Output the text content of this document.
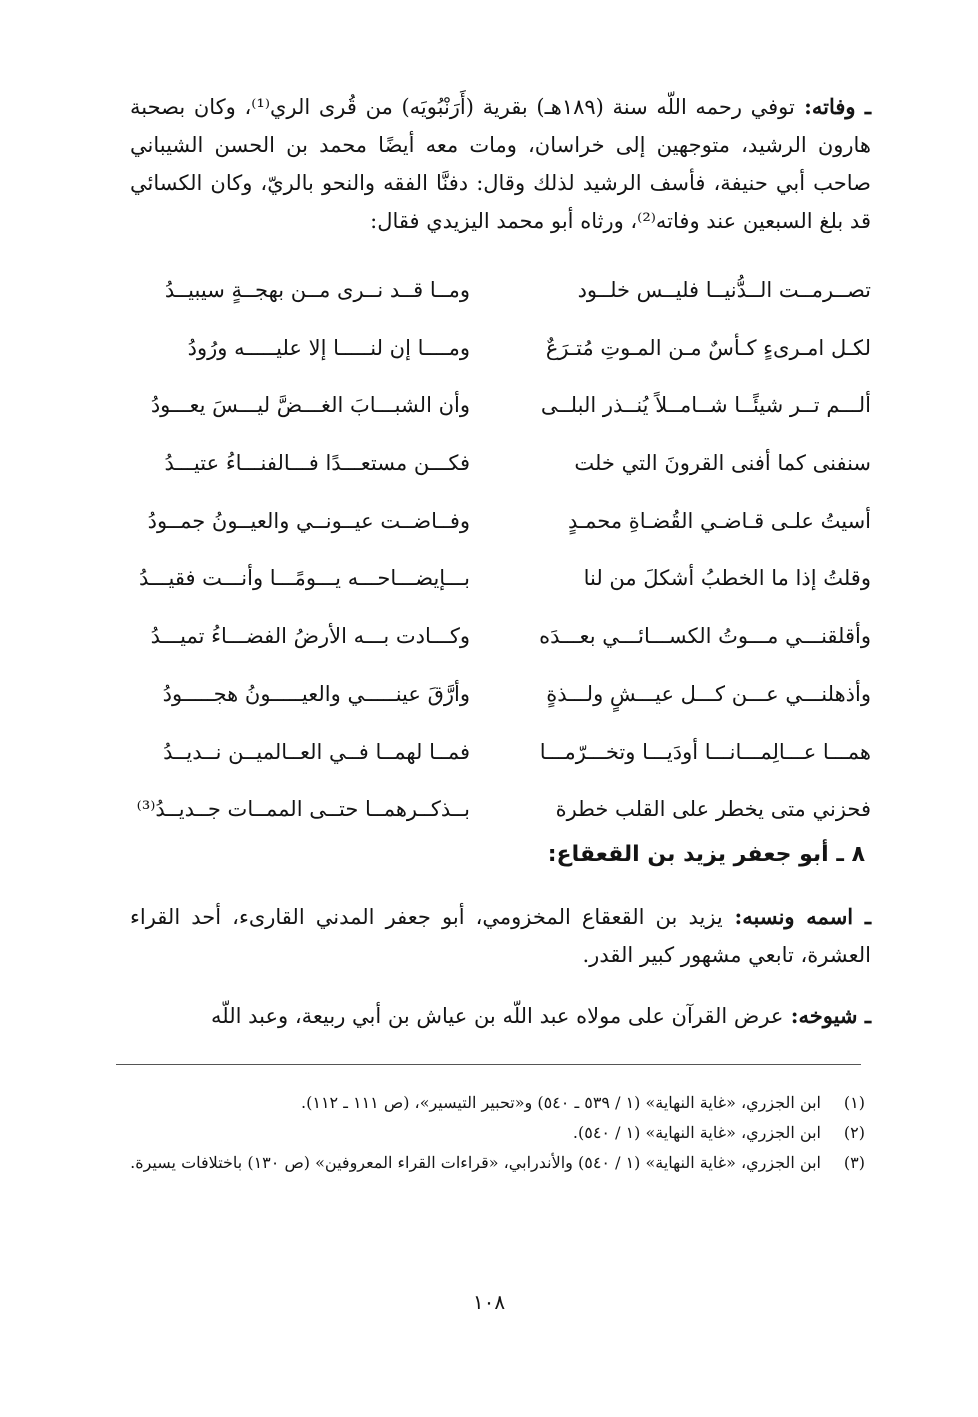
ـ وفاته: توفي رحمه اللّه سنة (١٨٩هـ) بقرية (أَرَنْبُويَه) من قُرى الري⁽¹⁾، وكان بصحبة هارون الرشيد، متوجهين إلى خراسان، ومات معه أيضًا محمد بن الحسن الشيباني صاحب أبي حنيفة، فأسف الرشيد لذلك وقال: دفنَّا الفقه والنحو بالريّ، وكان الكسائي قد بلغ السبعين عند وفاته⁽²⁾، ورثاه أبو محمد اليزيدي فقال:

تصــرمــت الــدُّنيــا فليــس خلــود
ومــا قــد نــرى مــن بهجــةٍ سيبيــدُ
لكـل امـرىءٍ كـأسٌ مـن المـوتِ مُتـرَعٌ
ومــــا إن لنـــــا إلا عليـــــه ورُودُ
ألـــم تــر شيئًــا شــامــلاً يُنــذر البلــى
وأن الشبـــابَ الغـــضَّ ليـــسَ يعـــودُ
سنفنى كما أفنى القرونَ التي خلت
فكـــن مستعـــدًا فـــالفنـــاءُ عتيـــدُ
أسيتُ علـى قـاضـي القُضـاةِ محمـدٍ
وفــاضــت عيــونــي والعيــونُ جمــودُ
وقلتُ إذا ما الخطبُ أشكلَ من لنا
بـــإيضـــاحـــه يـــومًـــا وأنـــت فقيـــدُ
وأقلقنـــي مـــوتُ الكســـائـــي بعـــدَه
وكـــادت بـــه الأرضُ الفضـــاءُ تميـــدُ
وأذهلنـــي عـــن كـــل عيـــشٍ ولـــذةٍ
وأرَّقَ عينـــــي والعيـــــونُ هجـــــودُ
همـــا عـــالِمـــانـــا أودَيـــا وتخـــرّمـــا
فمــا لهمــا فــي العــالميــن نــديــدُ
فحزني متى يخطر على القلب خطرة
بــذكــرهمــا حتــى الممــات جــديــدُ⁽³⁾
٨ ـ أبو جعفر يزيد بن القعقاع:

ـ اسمه ونسبه: يزيد بن القعقاع المخزومي، أبو جعفر المدني القارىء، أحد القراء العشرة، تابعي مشهور كبير القدر.

ـ شيوخه: عرض القرآن على مولاه عبد اللّه بن عياش بن أبي ربيعة، وعبد اللّه

(١)
ابن الجزري، «غاية النهاية» (١ / ٥٣٩ ـ ٥٤٠) و«تحبير التيسير»، (ص ١١١ ـ ١١٢).
(٢)
ابن الجزري، «غاية النهاية» (١ / ٥٤٠).
(٣)
ابن الجزري، «غاية النهاية» (١ / ٥٤٠) والأندرابي، «قراءات القراء المعروفين» (ص ١٣٠) باختلافات يسيرة.
١٠٨
